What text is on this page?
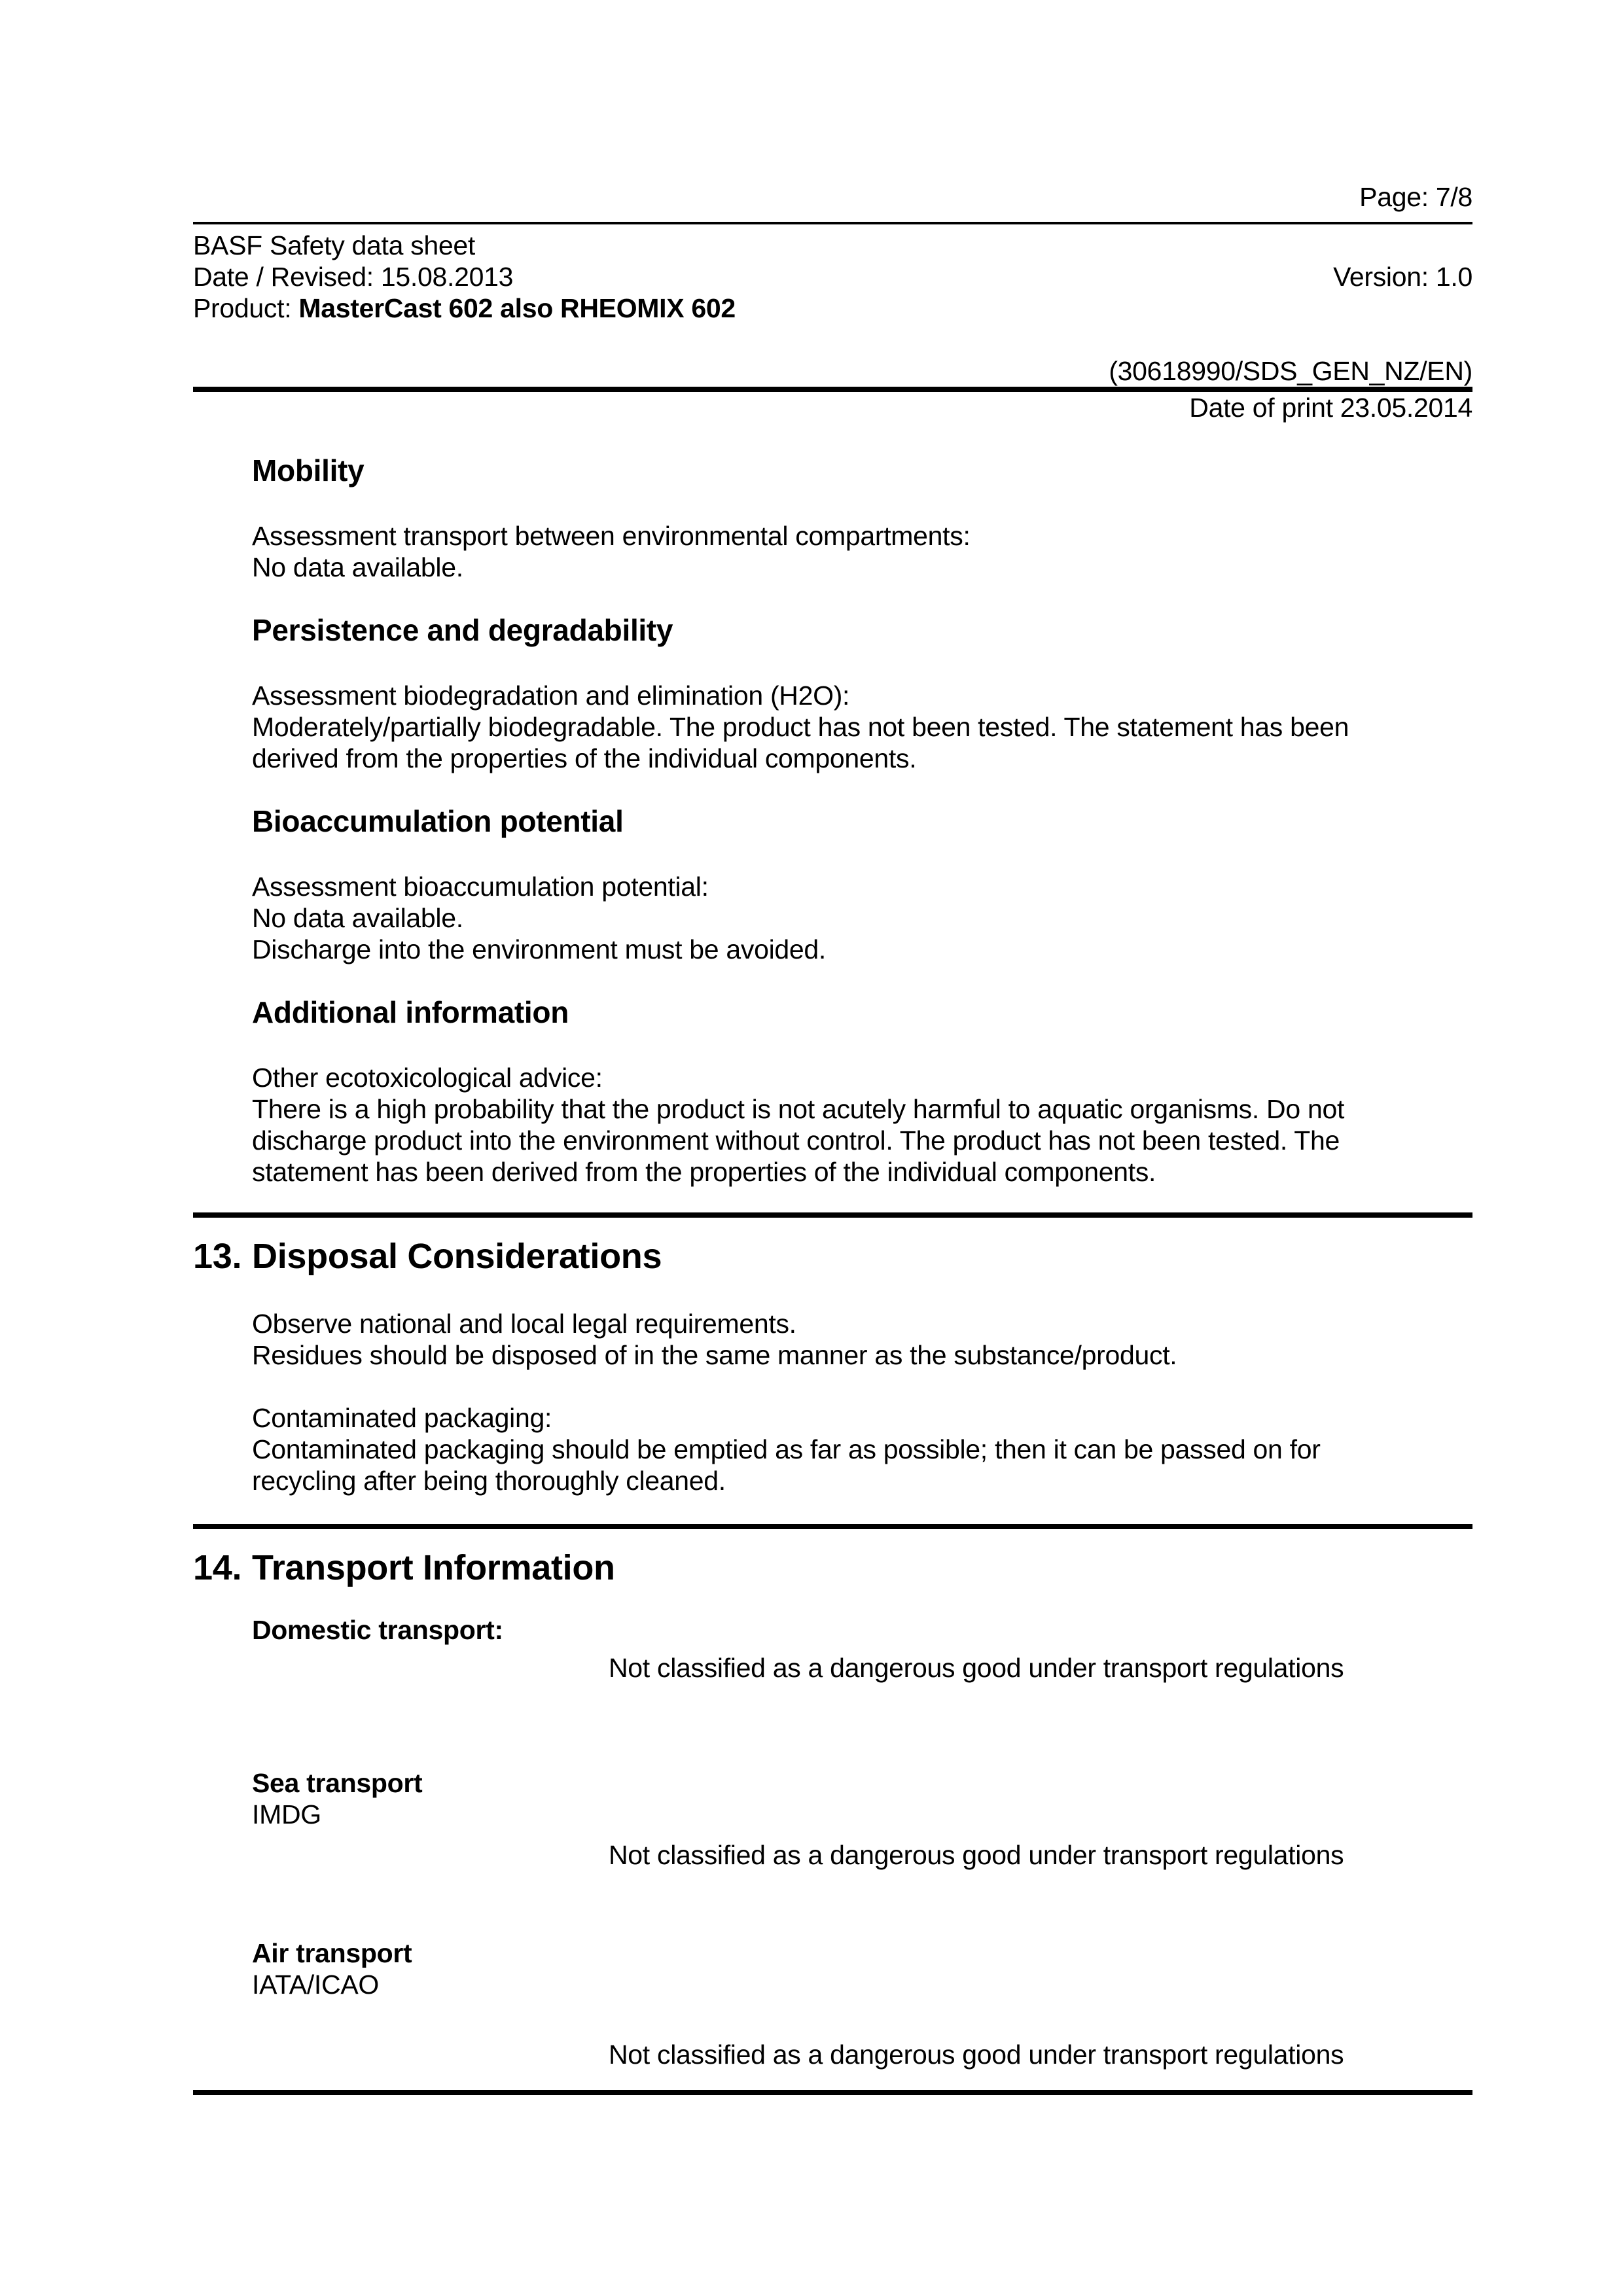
Page: 7/8
BASF Safety data sheet
Date / Revised: 15.08.2013	Version: 1.0
Product: MasterCast 602 also RHEOMIX 602
(30618990/SDS_GEN_NZ/EN)
Date of print 23.05.2014
Mobility
Assessment transport between environmental compartments:
No data available.
Persistence and degradability
Assessment biodegradation and elimination (H2O):
Moderately/partially biodegradable. The product has not been tested. The statement has been
derived from the properties of the individual components.
Bioaccumulation potential
Assessment bioaccumulation potential:
No data available.
Discharge into the environment must be avoided.
Additional information
Other ecotoxicological advice:
There is a high probability that the product is not acutely harmful to aquatic organisms. Do not
discharge product into the environment without control. The product has not been tested. The
statement has been derived from the properties of the individual components.
13. Disposal Considerations
Observe national and local legal requirements.
Residues should be disposed of in the same manner as the substance/product.
Contaminated packaging:
Contaminated packaging should be emptied as far as possible; then it can be passed on for
recycling after being thoroughly cleaned.
14. Transport Information
Domestic transport:
Not classified as a dangerous good under transport regulations
Sea transport
IMDG
Not classified as a dangerous good under transport regulations
Air transport
IATA/ICAO
Not classified as a dangerous good under transport regulations
